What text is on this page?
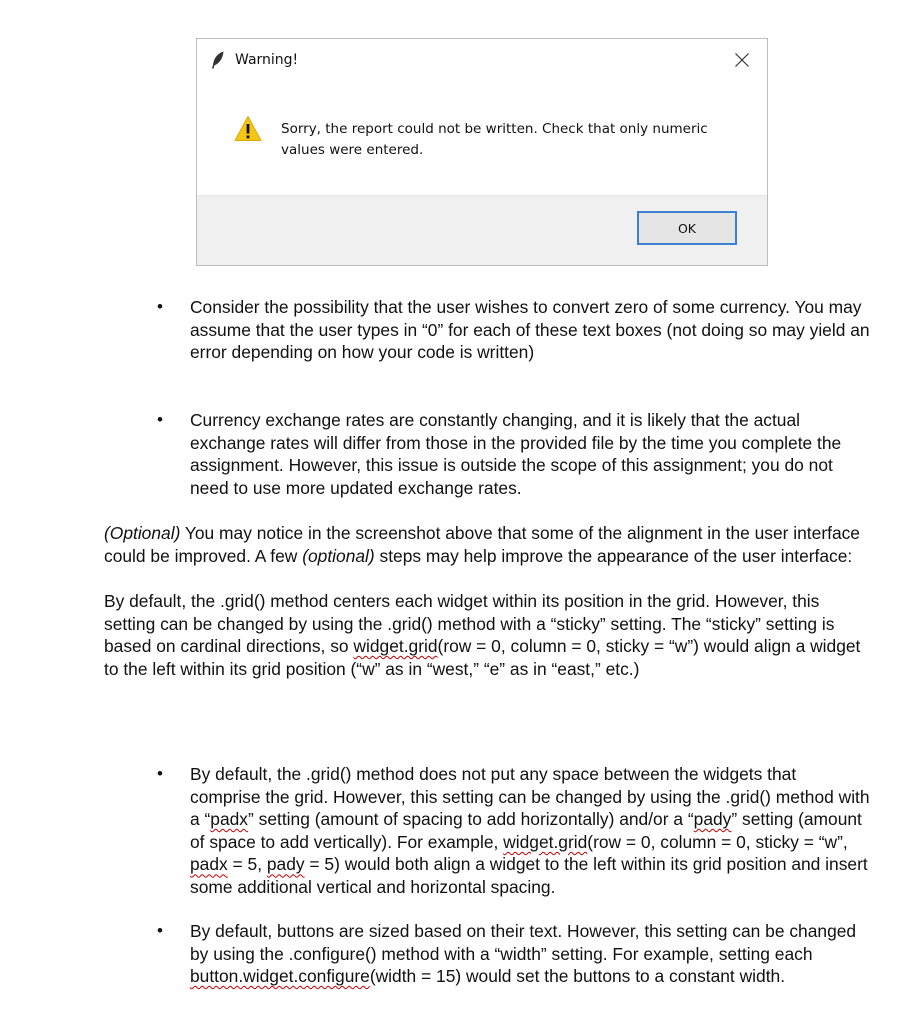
Warning!
Sorry, the report could not be written. Check that only numeric values were entered.
OK
• Consider the possibility that the user wishes to convert zero of some currency. You may assume that the user types in “0” for each of these text boxes (not doing so may yield an error depending on how your code is written)
• Currency exchange rates are constantly changing, and it is likely that the actual exchange rates will differ from those in the provided file by the time you complete the assignment. However, this issue is outside the scope of this assignment; you do not need to use more updated exchange rates.
(Optional) You may notice in the screenshot above that some of the alignment in the user interface could be improved. A few (optional) steps may help improve the appearance of the user interface:
By default, the .grid() method centers each widget within its position in the grid. However, this setting can be changed by using the .grid() method with a “sticky” setting. The “sticky” setting is based on cardinal directions, so widget.grid(row = 0, column = 0, sticky = “w”) would align a widget to the left within its grid position (“w” as in “west,” “e” as in “east,” etc.)
• By default, the .grid() method does not put any space between the widgets that comprise the grid. However, this setting can be changed by using the .grid() method with a “padx” setting (amount of spacing to add horizontally) and/or a “pady” setting (amount of space to add vertically). For example, widget.grid(row = 0, column = 0, sticky = “w”, padx = 5, pady = 5) would both align a widget to the left within its grid position and insert some additional vertical and horizontal spacing.
• By default, buttons are sized based on their text. However, this setting can be changed by using the .configure() method with a “width” setting. For example, setting each button.widget.configure(width = 15) would set the buttons to a constant width.
